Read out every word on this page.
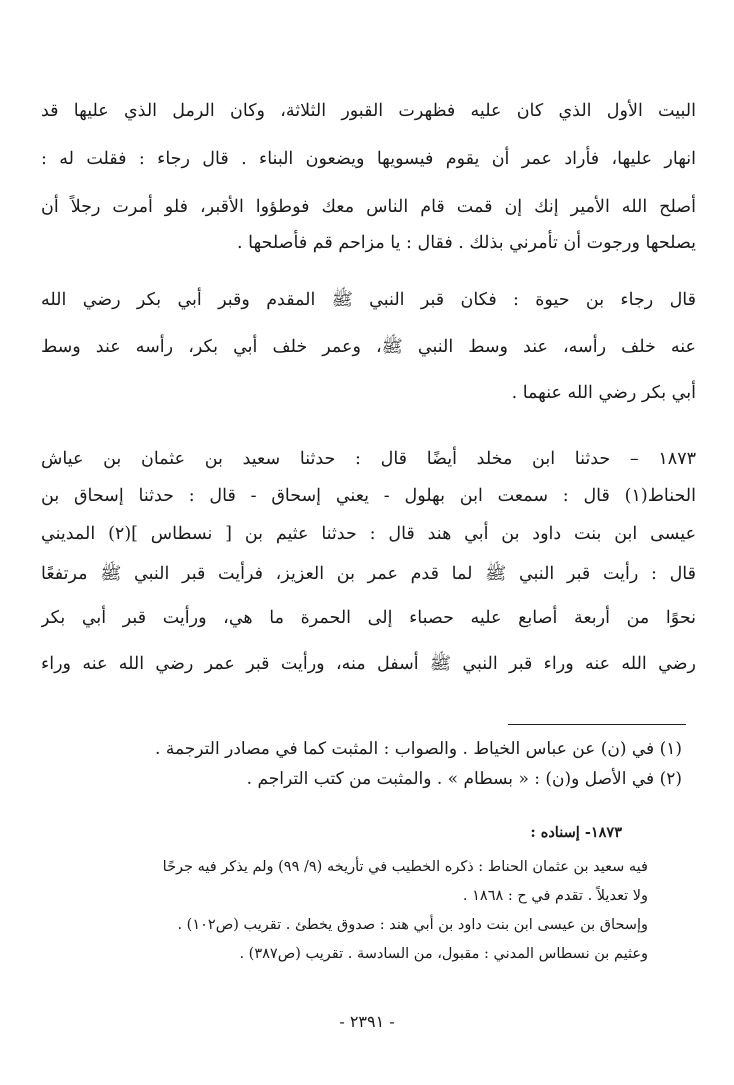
البيت الأول الذي كان عليه فظهرت القبور الثلاثة، وكان الرمل الذي عليها قد
انهار عليها، فأراد عمر أن يقوم فيسويها ويضعون البناء . قال رجاء : فقلت له :
أصلح الله الأمير إنك إن قمت قام الناس معك فوطؤوا الأقبر، فلو أمرت رجلاً أن
يصلحها ورجوت أن تأمرني بذلك . فقال : يا مزاحم قم فأصلحها .
قال رجاء بن حيوة : فكان قبر النبي ﷺ المقدم وقبر أبي بكر رضي الله
عنه خلف رأسه، عند وسط النبي ﷺ، وعمر خلف أبي بكر، رأسه عند وسط
أبي بكر رضي الله عنهما .
١٨٧٣ – حدثنا ابن مخلد أيضًا قال : حدثنا سعيد بن عثمان بن عياش
الحناط(١) قال : سمعت ابن بهلول - يعني إسحاق - قال : حدثنا إسحاق بن
عيسى ابن بنت داود بن أبي هند قال : حدثنا عثيم بن [ نسطاس ](٢) المديني
قال : رأيت قبر النبي ﷺ لما قدم عمر بن العزيز، فرأيت قبر النبي ﷺ مرتفعًا
نحوًا من أربعة أصابع عليه حصباء إلى الحمرة ما هي، ورأيت قبر أبي بكر
رضي الله عنه وراء قبر النبي ﷺ أسفل منه، ورأيت قبر عمر رضي الله عنه وراء
(١) في (ن) عن عباس الخياط . والصواب : المثبت كما في مصادر الترجمة .
(٢) في الأصل و(ن) : « بسطام » . والمثبت من كتب التراجم .
١٨٧٣- إسناده :
فيه سعيد بن عثمان الحناط : ذكره الخطيب في تأريخه (٩/ ٩٩) ولم يذكر فيه جرحًا
ولا تعديلاً . تقدم في ح : ١٨٦٨ .
وإسحاق بن عيسى ابن بنت داود بن أبي هند : صدوق يخطئ . تقريب (ص١٠٢) .
وعثيم بن نسطاس المدني : مقبول، من السادسة . تقريب (ص٣٨٧) .
- ٢٣٩١ -
